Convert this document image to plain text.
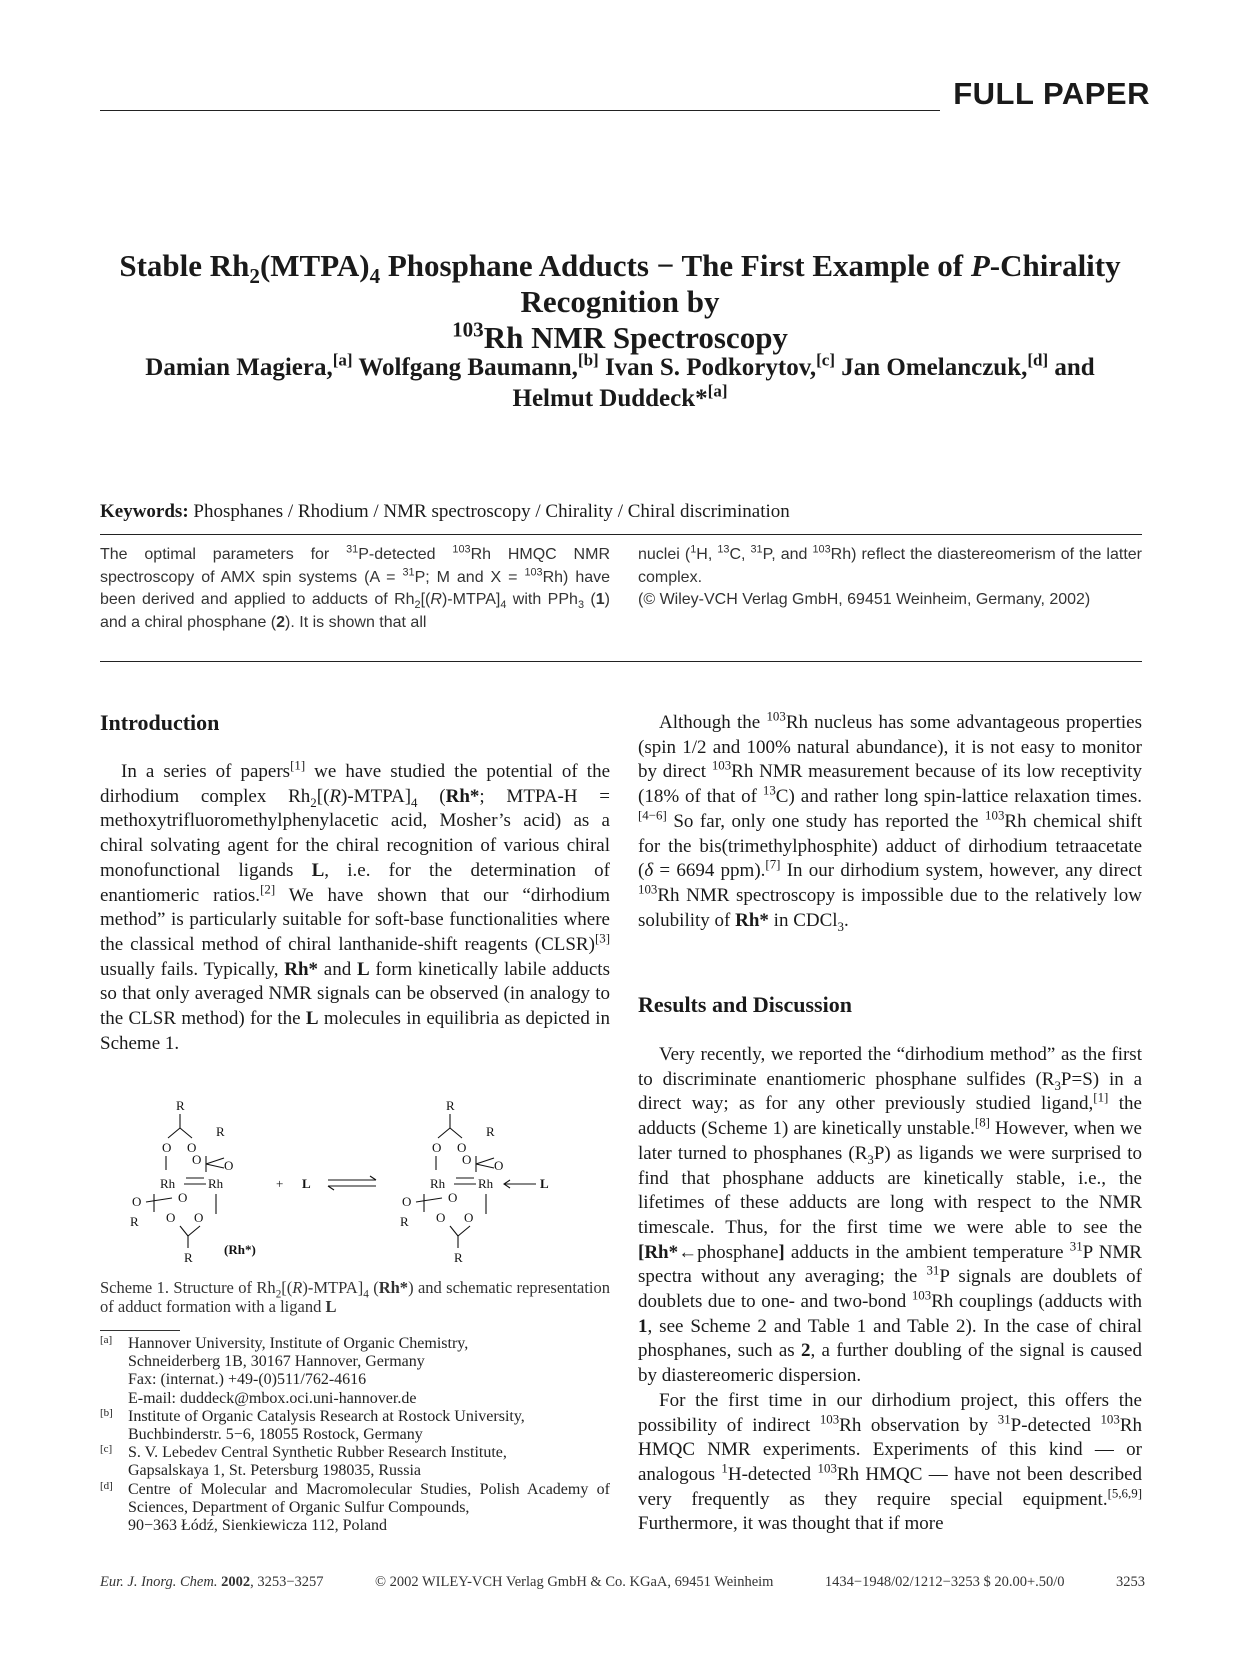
FULL PAPER
Stable $Rh_2(MTPA)_4$ Phosphane Adducts − The First Example of P-Chirality Recognition by
$^{103}$Rh NMR Spectroscopy
Damian Magiera,[a] Wolfgang Baumann,[b] Ivan S. Podkorytov,[c] Jan Omelanczuk,[d] and
Helmut Duddeck*[a]
Keywords: Phosphanes / Rhodium / NMR spectroscopy / Chirality / Chiral discrimination
The optimal parameters for $^{31}$P-detected $^{103}$Rh HMQC NMR spectroscopy of AMX spin systems (A = $^{31}$P; M and X = $^{103}$Rh) have been derived and applied to adducts of $Rh_2[(R)-MTPA]_4$ with PPh$_3$ (1) and a chiral phosphane (2). It is shown that all
nuclei ($^1$H, $^{13}$C, $^{31}$P, and $^{103}$Rh) reflect the diastereomerism of the latter complex.
(© Wiley-VCH Verlag GmbH, 69451 Weinheim, Germany, 2002)
Introduction

In a series of papers[1] we have studied the potential of the dirhodium complex $Rh_2[(R)-MTPA]_4$ (Rh*; MTPA-H = methoxytrifluoromethylphenylacetic acid, Mosher’s acid) as a chiral solvating agent for the chiral recognition of various chiral monofunctional ligands L, i.e. for the determination of enantiomeric ratios.[2] We have shown that our “dirhodium method” is particularly suitable for soft-base functionalities where the classical method of chiral lanthanide-shift reagents (CLSR)[3] usually fails. Typically, Rh* and L form kinetically labile adducts so that only averaged NMR signals can be observed (in analogy to the CLSR method) for the L molecules in equilibria as depicted in Scheme 1.

R
O O
R
O O
Rh	Rh
O
O
R O O
R
(Rh*)
+ L
R
O O
R
O O
Rh	Rh	L
O
O
R O O
R
Scheme 1. Structure of $Rh_2[(R)-MTPA]_4$ (Rh*) and schematic representation of adduct formation with a ligand L
[a] Hannover University, Institute of Organic Chemistry,
Schneiderberg 1B, 30167 Hannover, Germany
Fax: (internat.) +49-(0)511/762-4616
E-mail: duddeck@mbox.oci.uni-hannover.de
[b] Institute of Organic Catalysis Research at Rostock University,
Buchbinderstr. 5−6, 18055 Rostock, Germany
[c] S. V. Lebedev Central Synthetic Rubber Research Institute,
Gapsalskaya 1, St. Petersburg 198035, Russia
[d] Centre of Molecular and Macromolecular Studies, Polish Academy of Sciences, Department of Organic Sulfur Compounds,
90−363 Łódź, Sienkiewicza 112, Poland

Although the $^{103}$Rh nucleus has some advantageous properties (spin 1/2 and 100% natural abundance), it is not easy to monitor by direct $^{103}$Rh NMR measurement because of its low receptivity (18% of that of $^{13}$C) and rather long spin-lattice relaxation times.[4−6] So far, only one study has reported the $^{103}$Rh chemical shift for the bis(trimethylphosphite) adduct of dirhodium tetraacetate (δ = 6694 ppm).[7] In our dirhodium system, however, any direct $^{103}$Rh NMR spectroscopy is impossible due to the relatively low solubility of Rh* in CDCl$_3$.

Results and Discussion

Very recently, we reported the “dirhodium method” as the first to discriminate enantiomeric phosphane sulfides $(R_3P=S)$ in a direct way; as for any other previously studied ligand,[1] the adducts (Scheme 1) are kinetically unstable.[8] However, when we later turned to phosphanes $(R_3P)$ as ligands we were surprised to find that phosphane adducts are kinetically stable, i.e., the lifetimes of these adducts are long with respect to the NMR timescale. Thus, for the first time we were able to see the [Rh*←phosphane] adducts in the ambient temperature $^{31}$P NMR spectra without any averaging; the $^{31}$P signals are doublets of doublets due to one- and two-bond $^{103}$Rh couplings (adducts with 1, see Scheme 2 and Table 1 and Table 2). In the case of chiral phosphanes, such as 2, a further doubling of the signal is caused by diastereomeric dispersion.

For the first time in our dirhodium project, this offers the possibility of indirect $^{103}$Rh observation by $^{31}$P-detected $^{103}$Rh HMQC NMR experiments. Experiments of this kind — or analogous $^1$H-detected $^{103}$Rh HMQC — have not been described very frequently as they require special equipment.[5,6,9] Furthermore, it was thought that if more

Eur. J. Inorg. Chem. 2002, 3253−3257	© 2002 WILEY-VCH Verlag GmbH & Co. KGaA, 69451 Weinheim	1434−1948/02/1212−3253 $ 20.00+.50/0	3253
